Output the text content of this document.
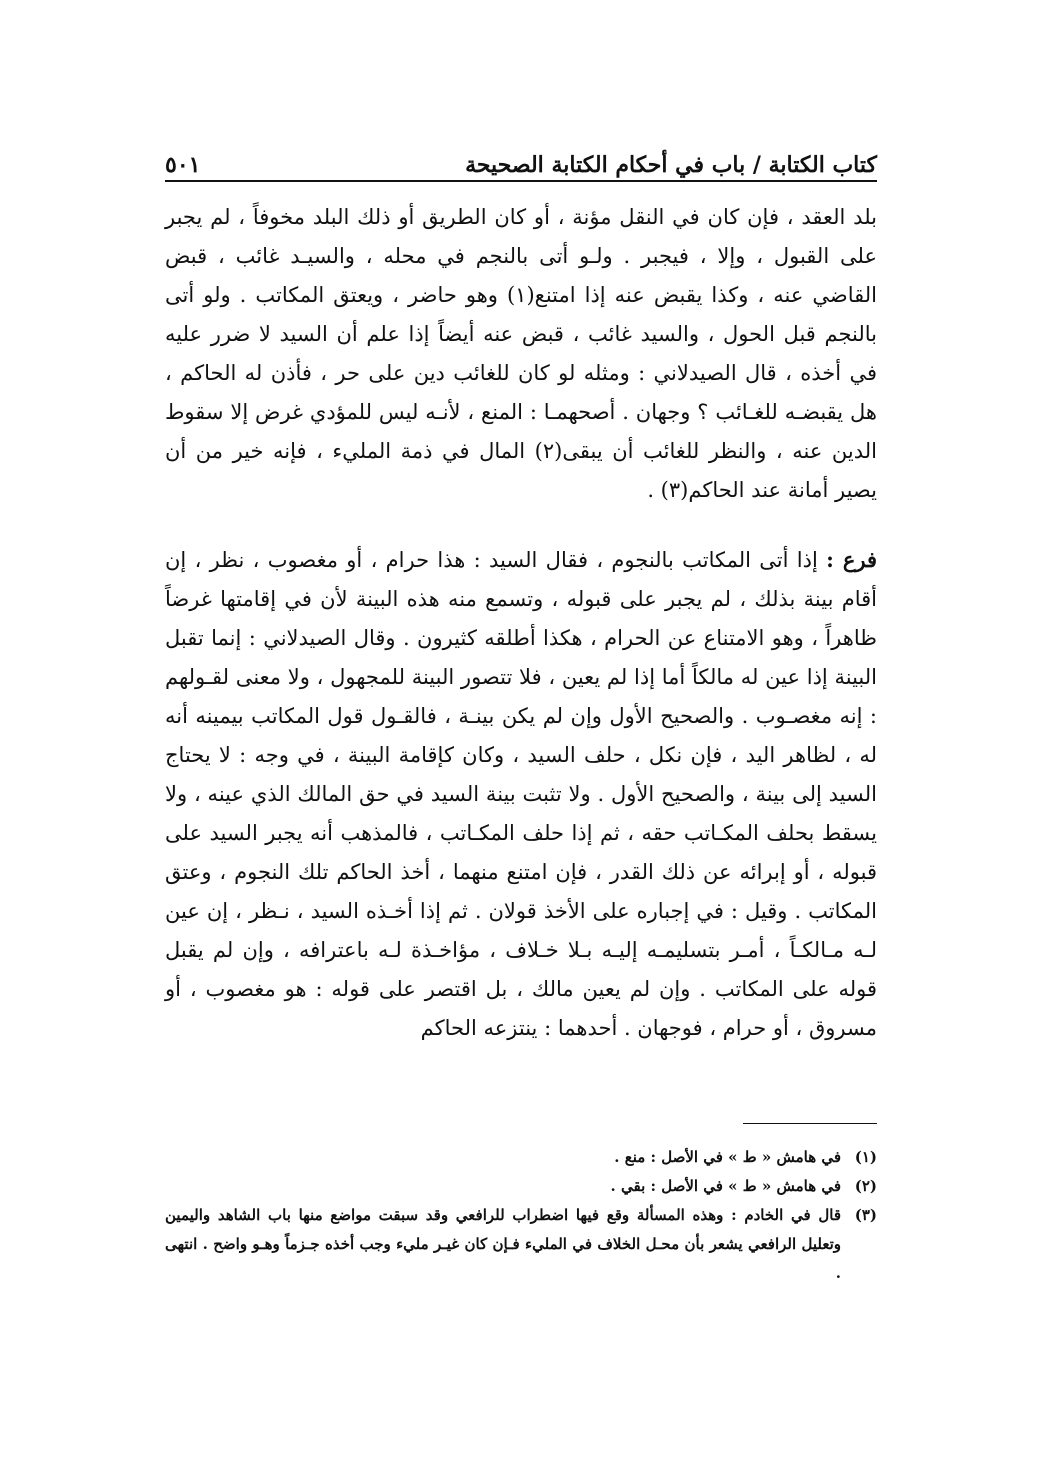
كتاب الكتابة / باب في أحكام الكتابة الصحيحة
٥٠١

بلد العقد ، فإن كان في النقل مؤنة ، أو كان الطريق أو ذلك البلد مخوفاً ، لم يجبر على القبول ، وإلا ، فيجبر . ولـو أتى بالنجم في محله ، والسيـد غائب ، قبض القاضي عنه ، وكذا يقبض عنه إذا امتنع(١) وهو حاضر ، ويعتق المكاتب . ولو أتى بالنجم قبل الحول ، والسيد غائب ، قبض عنه أيضاً إذا علم أن السيد لا ضرر عليه في أخذه ، قال الصيدلاني : ومثله لو كان للغائب دين على حر ، فأذن له الحاكم ، هل يقبضـه للغـائب ؟ وجهان . أصحهمـا : المنع ، لأنـه ليس للمؤدي غرض إلا سقوط الدين عنه ، والنظر للغائب أن يبقى(٢) المال في ذمة المليء ، فإنه خير من أن يصير أمانة عند الحاكم(٣) .

فرع : إذا أتى المكاتب بالنجوم ، فقال السيد : هذا حرام ، أو مغصوب ، نظر ، إن أقام بينة بذلك ، لم يجبر على قبوله ، وتسمع منه هذه البينة لأن في إقامتها غرضاً ظاهراً ، وهو الامتناع عن الحرام ، هكذا أطلقه كثيرون . وقال الصيدلاني : إنما تقبل البينة إذا عين له مالكاً أما إذا لم يعين ، فلا تتصور البينة للمجهول ، ولا معنى لقـولهم : إنه مغصـوب . والصحيح الأول وإن لم يكن بينـة ، فالقـول قول المكاتب بيمينه أنه له ، لظاهر اليد ، فإن نكل ، حلف السيد ، وكان كإقامة البينة ، في وجه : لا يحتاج السيد إلى بينة ، والصحيح الأول . ولا تثبت بينة السيد في حق المالك الذي عينه ، ولا يسقط بحلف المكـاتب حقه ، ثم إذا حلف المكـاتب ، فالمذهب أنه يجبر السيد على قبوله ، أو إبرائه عن ذلك القدر ، فإن امتنع منهما ، أخذ الحاكم تلك النجوم ، وعتق المكاتب . وقيل : في إجباره على الأخذ قولان . ثم إذا أخـذه السيد ، نـظر ، إن عين لـه مـالكـاً ، أمـر بتسليمـه إليـه بـلا خـلاف ، مؤاخـذة لـه باعترافه ، وإن لم يقبل قوله على المكاتب . وإن لم يعين مالك ، بل اقتصر على قوله : هو مغصوب ، أو مسروق ، أو حرام ، فوجهان . أحدهما : ينتزعه الحاكم

(١)
في هامش « ط » في الأصل : منع .
(٢)
في هامش « ط » في الأصل : بقي .
(٣)
قال في الخادم : وهذه المسألة وقع فيها اضطراب للرافعي وقد سبقت مواضع منها باب الشاهد واليمين وتعليل الرافعي يشعر بأن محـل الخلاف في المليء فـإن كان غيـر مليء وجب أخذه جـزماً وهـو واضح . انتهى .
